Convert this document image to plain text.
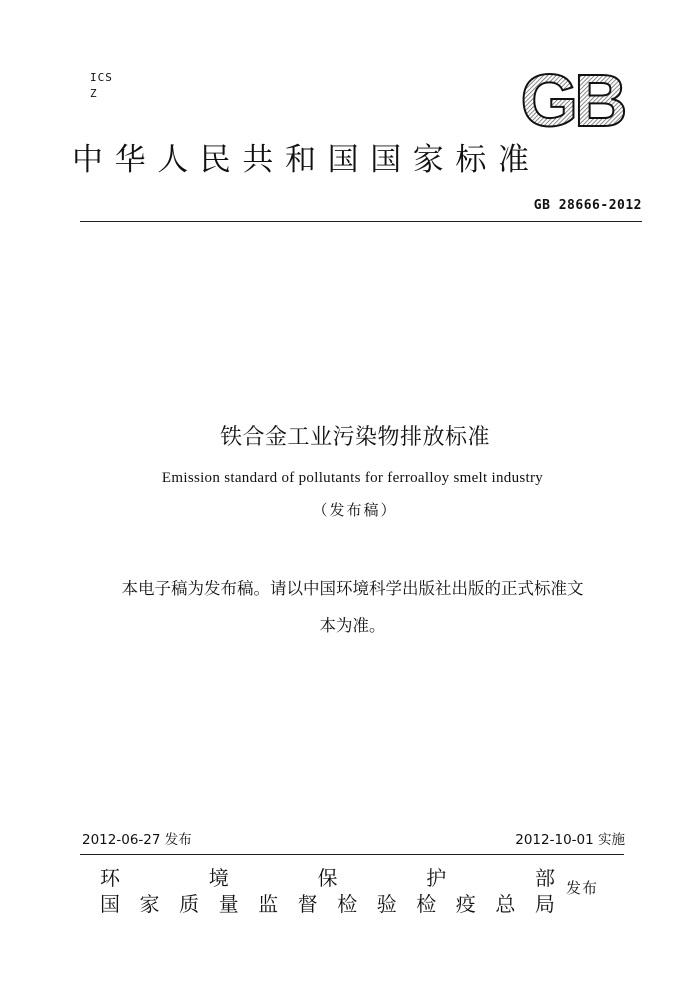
ICS
Z	GB
中华人民共和国国家标准
GB 28666-2012
铁合金工业污染物排放标准
Emission standard of pollutants for ferroalloy smelt industry
（发布稿）
本电子稿为发布稿。请以中国环境科学出版社出版的正式标准文
本为准。
2012-06-27 发布	2012-10-01 实施
环	境	保	护	部
国 家 质 量 监 督 检 验 检 疫 总 局
发布
